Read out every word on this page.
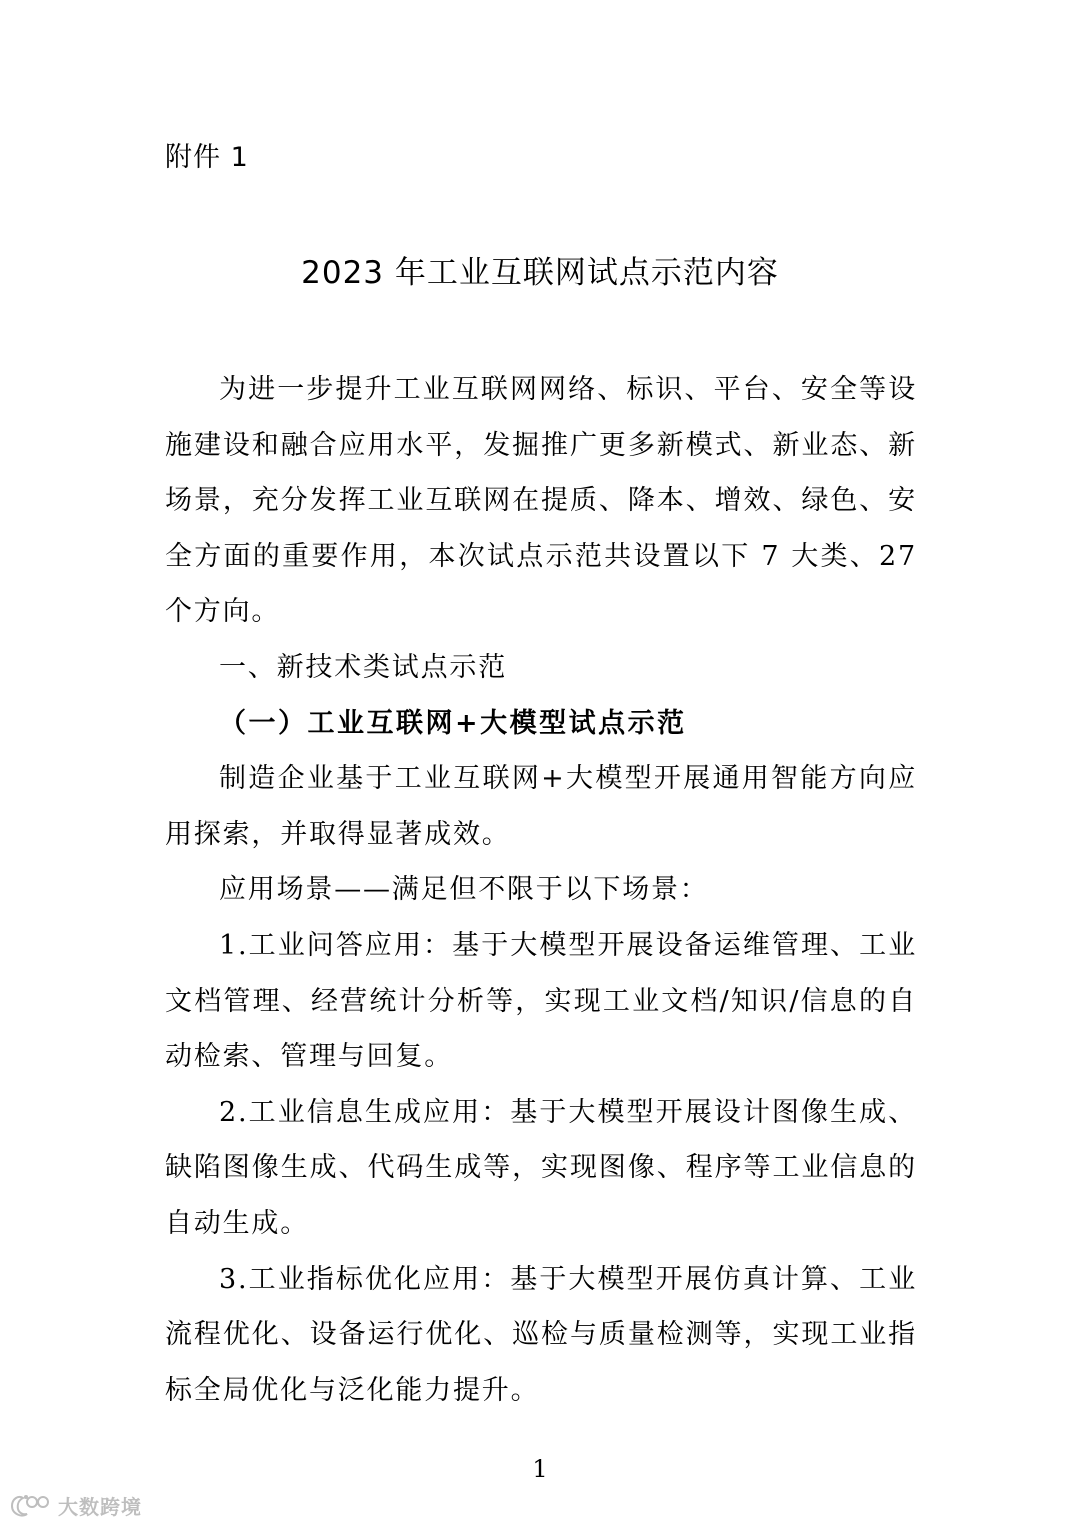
附件 1
2023 年工业互联网试点示范内容

为进一步提升工业互联网网络、标识、平台、安全等设施建设和融合应用水平，发掘推广更多新模式、新业态、新场景，充分发挥工业互联网在提质、降本、增效、绿色、安全方面的重要作用，本次试点示范共设置以下 7 大类、27 个方向。

一、新技术类试点示范

（一）工业互联网+大模型试点示范

制造企业基于工业互联网+大模型开展通用智能方向应用探索，并取得显著成效。

应用场景——满足但不限于以下场景：

1.工业问答应用：基于大模型开展设备运维管理、工业文档管理、经营统计分析等，实现工业文档/知识/信息的自动检索、管理与回复。

2.工业信息生成应用：基于大模型开展设计图像生成、缺陷图像生成、代码生成等，实现图像、程序等工业信息的自动生成。

3.工业指标优化应用：基于大模型开展仿真计算、工业流程优化、设备运行优化、巡检与质量检测等，实现工业指标全局优化与泛化能力提升。

1
大数跨境
